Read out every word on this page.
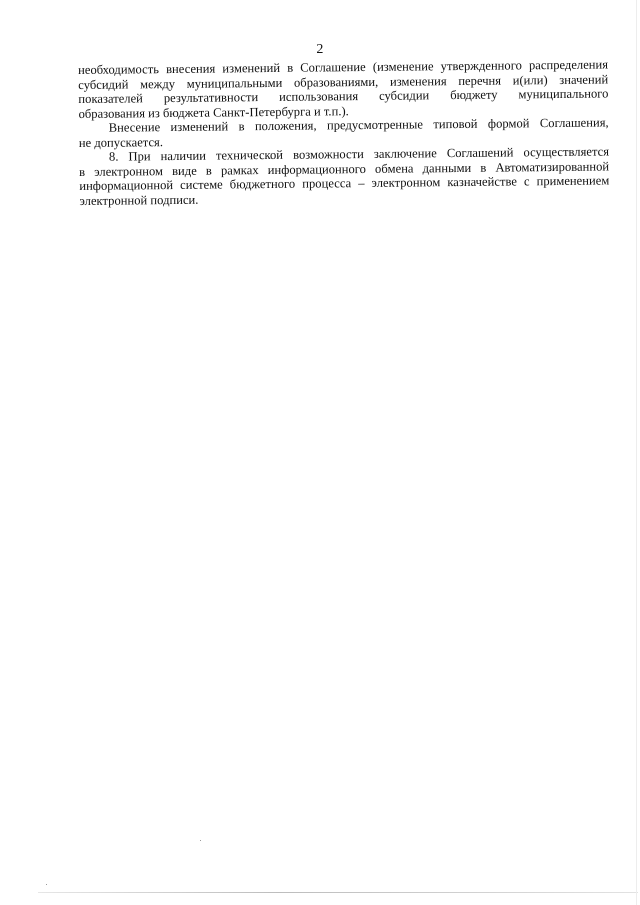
2
необходимость внесения изменений в Соглашение (изменение утвержденного распределения
субсидий между муниципальными образованиями, изменения перечня и(или) значений
показателей результативности использования субсидии бюджету муниципального
образования из бюджета Санкт-Петербурга и т.п.).
Внесение изменений в положения, предусмотренные типовой формой Соглашения,
не допускается.
8. При наличии технической возможности заключение Соглашений осуществляется
в электронном виде в рамках информационного обмена данными в Автоматизированной
информационной системе бюджетного процесса – электронном казначействе с применением
электронной подписи.
